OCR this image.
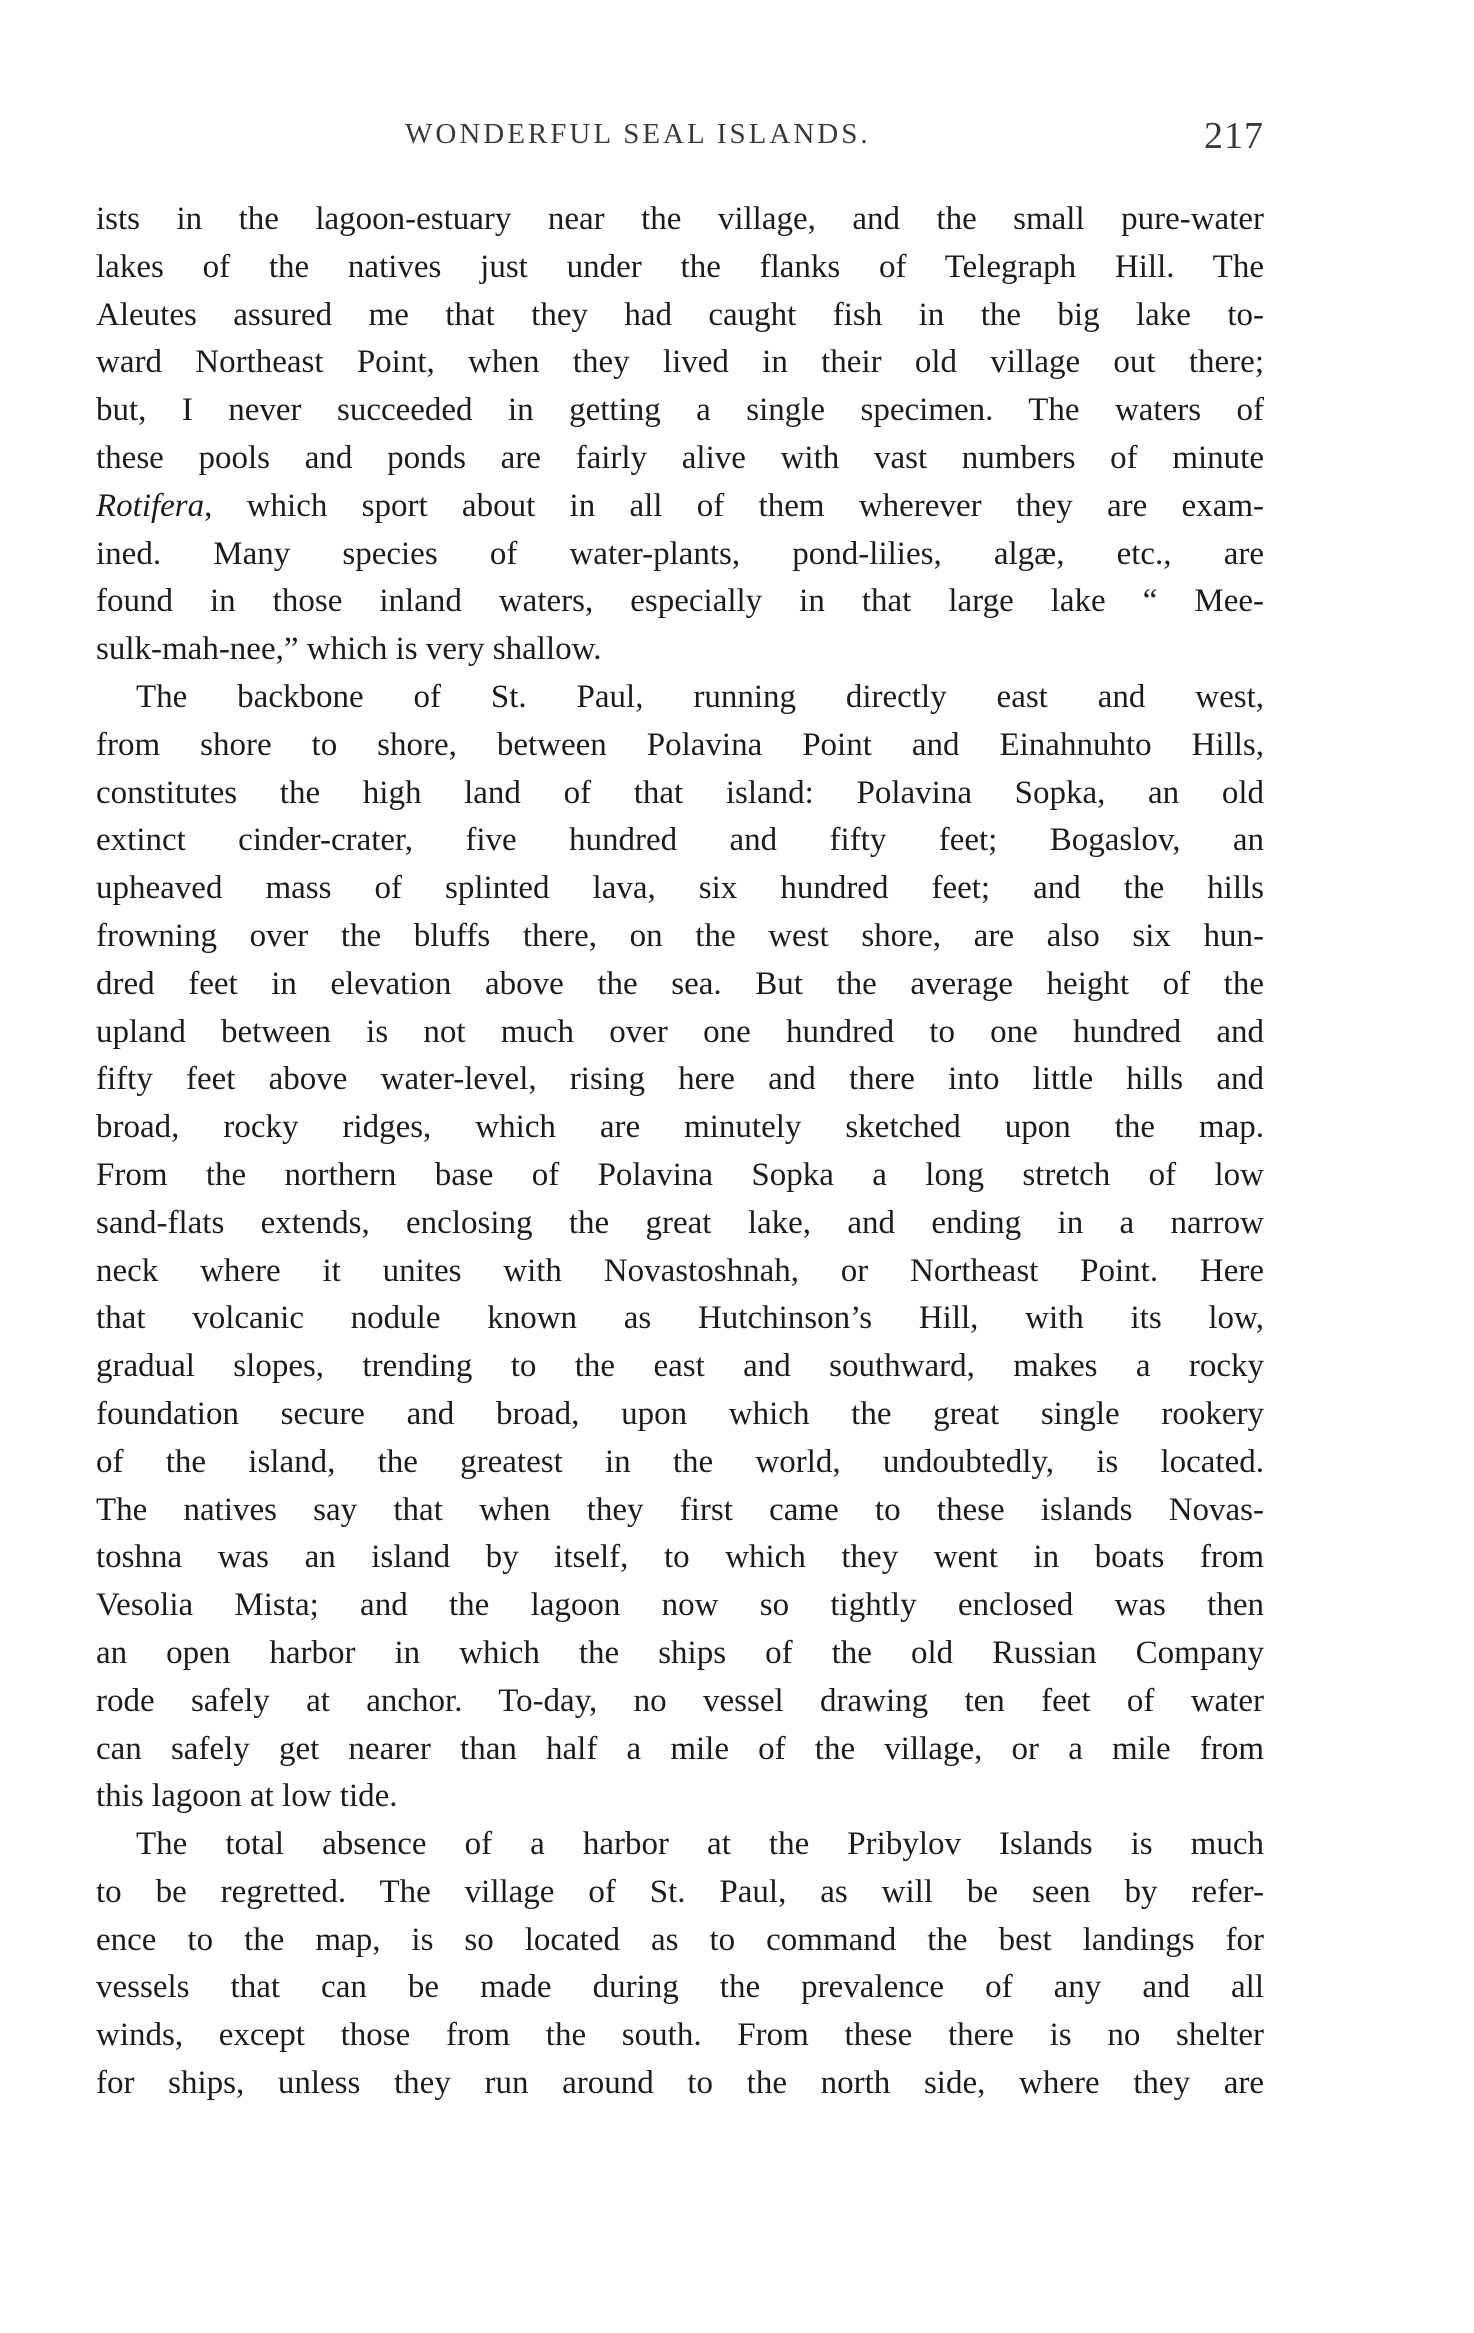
WONDERFUL SEAL ISLANDS.	217
ists in the lagoon-estuary near the village, and the small pure-water
lakes of the natives just under the flanks of Telegraph Hill. The
Aleutes assured me that they had caught fish in the big lake to-
ward Northeast Point, when they lived in their old village out there;
but, I never succeeded in getting a single specimen. The waters of
these pools and ponds are fairly alive with vast numbers of minute
Rotifera, which sport about in all of them wherever they are exam-
ined. Many species of water-plants, pond-lilies, algæ, etc., are
found in those inland waters, especially in that large lake “ Mee-
sulk-mah-nee,” which is very shallow.
The backbone of St. Paul, running directly east and west,
from shore to shore, between Polavina Point and Einahnuhto Hills,
constitutes the high land of that island: Polavina Sopka, an old
extinct cinder-crater, five hundred and fifty feet; Bogaslov, an
upheaved mass of splinted lava, six hundred feet; and the hills
frowning over the bluffs there, on the west shore, are also six hun-
dred feet in elevation above the sea. But the average height of the
upland between is not much over one hundred to one hundred and
fifty feet above water-level, rising here and there into little hills and
broad, rocky ridges, which are minutely sketched upon the map.
From the northern base of Polavina Sopka a long stretch of low
sand-flats extends, enclosing the great lake, and ending in a narrow
neck where it unites with Novastoshnah, or Northeast Point. Here
that volcanic nodule known as Hutchinson’s Hill, with its low,
gradual slopes, trending to the east and southward, makes a rocky
foundation secure and broad, upon which the great single rookery
of the island, the greatest in the world, undoubtedly, is located.
The natives say that when they first came to these islands Novas-
toshna was an island by itself, to which they went in boats from
Vesolia Mista; and the lagoon now so tightly enclosed was then
an open harbor in which the ships of the old Russian Company
rode safely at anchor. To-day, no vessel drawing ten feet of water
can safely get nearer than half a mile of the village, or a mile from
this lagoon at low tide.
The total absence of a harbor at the Pribylov Islands is much
to be regretted. The village of St. Paul, as will be seen by refer-
ence to the map, is so located as to command the best landings for
vessels that can be made during the prevalence of any and all
winds, except those from the south. From these there is no shelter
for ships, unless they run around to the north side, where they are
